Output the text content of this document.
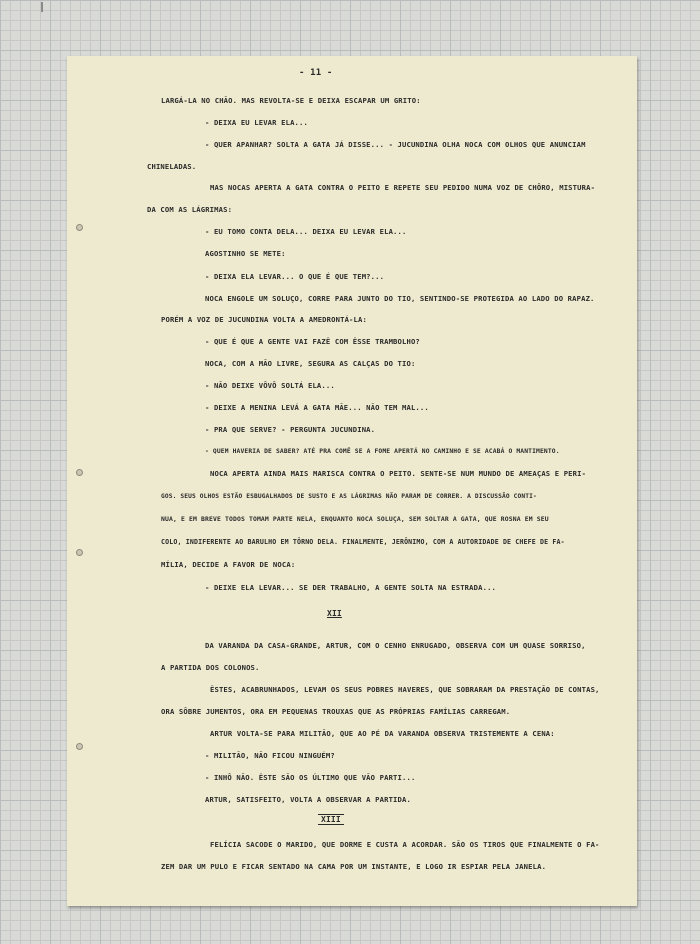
- 11 -

LARGÁ-LA NO CHÃO. MAS REVOLTA-SE E DEIXA ESCAPAR UM GRITO:

- DEIXA EU LEVAR ELA...

- QUER APANHAR? SOLTA A GATA JÁ DISSE... - JUCUNDINA OLHA NOCA COM OLHOS QUE ANUNCIAM

CHINELADAS.

MAS NOCAS APERTA A GATA CONTRA O PEITO E REPETE SEU PEDIDO NUMA VOZ DE CHÔRO, MISTURA-

DA COM AS LÁGRIMAS:

- EU TOMO CONTA DELA... DEIXA EU LEVAR ELA...

AGOSTINHO SE METE:

- DEIXA ELA LEVAR... O QUE É QUE TEM?...

NOCA ENGOLE UM SOLUÇO, CORRE PARA JUNTO DO TIO, SENTINDO-SE PROTEGIDA AO LADO DO RAPAZ.

PORÉM A VOZ DE JUCUNDINA VOLTA A AMEDRONTÁ-LA:

- QUE É QUE A GENTE VAI FAZÊ COM ÊSSE TRAMBOLHO?

NOCA, COM A MÃO LIVRE, SEGURA AS CALÇAS DO TIO:

- NÃO DEIXE VÔVÔ SOLTÁ ELA...

- DEIXE A MENINA LEVÁ A GATA MÃE... NÃO TEM MAL...

- PRA QUE SERVE? - PERGUNTA JUCUNDINA.

- QUEM HAVERIA DE SABER? ATÉ PRA COMÊ SE A FOME APERTÁ NO CAMINHO E SE ACABÁ O MANTIMENTO.

NOCA APERTA AINDA MAIS MARISCA CONTRA O PEITO. SENTE-SE NUM MUNDO DE AMEAÇAS E PERI-

GOS. SEUS OLHOS ESTÃO ESBUGALHADOS DE SUSTO E AS LÁGRIMAS NÃO PARAM DE CORRER. A DISCUSSÃO CONTI-

NUA, E EM BREVE TODOS TOMAM PARTE NELA, ENQUANTO NOCA SOLUÇA, SEM SOLTAR A GATA, QUE ROSNA EM SEU

COLO, INDIFERENTE AO BARULHO EM TÔRNO DELA. FINALMENTE, JERÔNIMO, COM A AUTORIDADE DE CHEFE DE FA-

MÍLIA, DECIDE A FAVOR DE NOCA:

- DEIXE ELA LEVAR... SE DER TRABALHO, A GENTE SOLTA NA ESTRADA...

XII

DA VARANDA DA CASA-GRANDE, ARTUR, COM O CENHO ENRUGADO, OBSERVA COM UM QUASE SORRISO,

A PARTIDA DOS COLONOS.

ÊSTES, ACABRUNHADOS, LEVAM OS SEUS POBRES HAVERES, QUE SOBRARAM DA PRESTAÇÃO DE CONTAS,

ORA SÔBRE JUMENTOS, ORA EM PEQUENAS TROUXAS QUE AS PRÓPRIAS FAMÍLIAS CARREGAM.

ARTUR VOLTA-SE PARA MILITÃO, QUE AO PÉ DA VARANDA OBSERVA TRISTEMENTE A CENA:

- MILITÃO, NÃO FICOU NINGUÉM?

- INHÔ NÃO. ÊSTE SÃO OS ÚLTIMO QUE VÃO PARTI...

ARTUR, SATISFEITO, VOLTA A OBSERVAR A PARTIDA.

XIII

FELÍCIA SACODE O MARIDO, QUE DORME E CUSTA A ACORDAR. SÃO OS TIROS QUE FINALMENTE O FA-

ZEM DAR UM PULO E FICAR SENTADO NA CAMA POR UM INSTANTE, E LOGO IR ESPIAR PELA JANELA.
